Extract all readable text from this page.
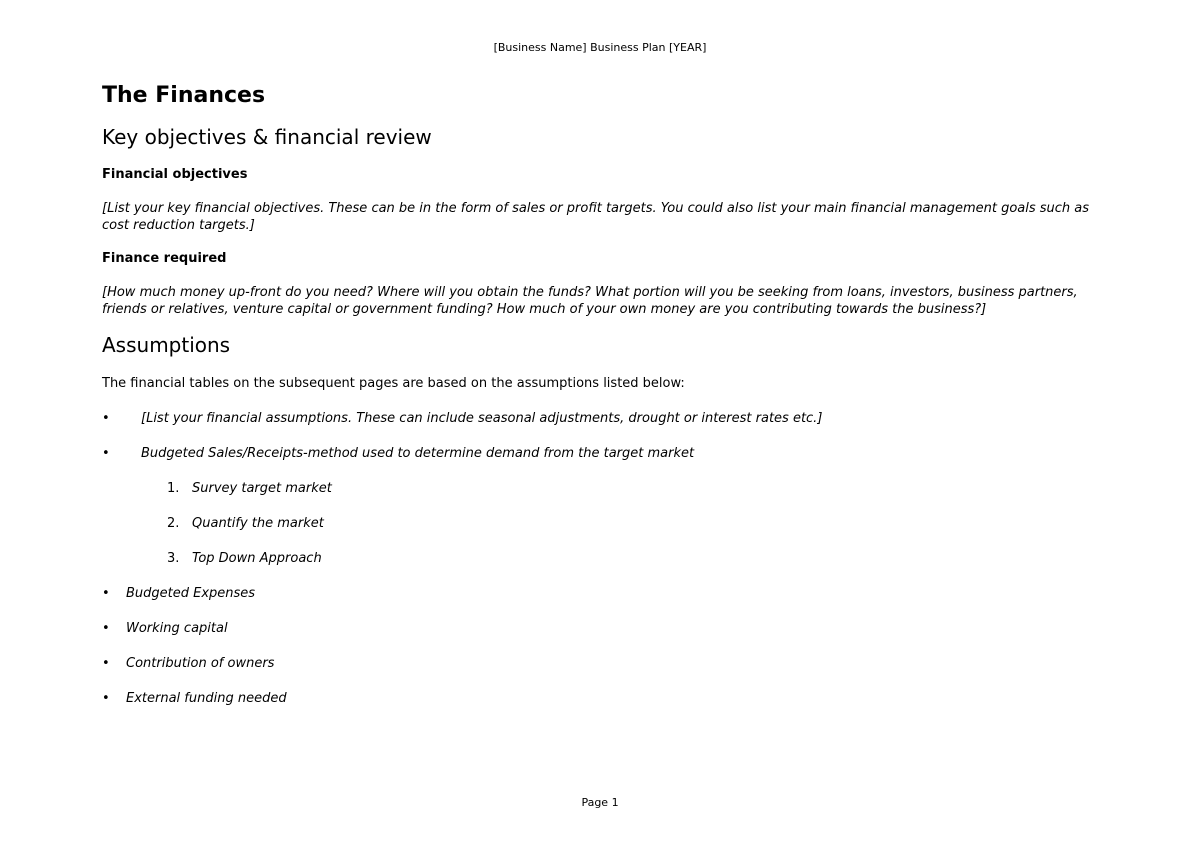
[Business Name] Business Plan [YEAR]
The Finances
Key objectives & financial review
Financial objectives
[List your key financial objectives. These can be in the form of sales or profit targets. You could also list your main financial management goals such as cost reduction targets.]
Finance required
[How much money up-front do you need? Where will you obtain the funds? What portion will you be seeking from loans, investors, business partners, friends or relatives, venture capital or government funding? How much of your own money are you contributing towards the business?]
Assumptions
The financial tables on the subsequent pages are based on the assumptions listed below:
•	[List your financial assumptions. These can include seasonal adjustments, drought or interest rates etc.]
•	Budgeted Sales/Receipts-method used to determine demand from the target market
1. Survey target market
2. Quantify the market
3. Top Down Approach
•	Budgeted Expenses
•	Working capital
•	Contribution of owners
•	External funding needed
Page 1
